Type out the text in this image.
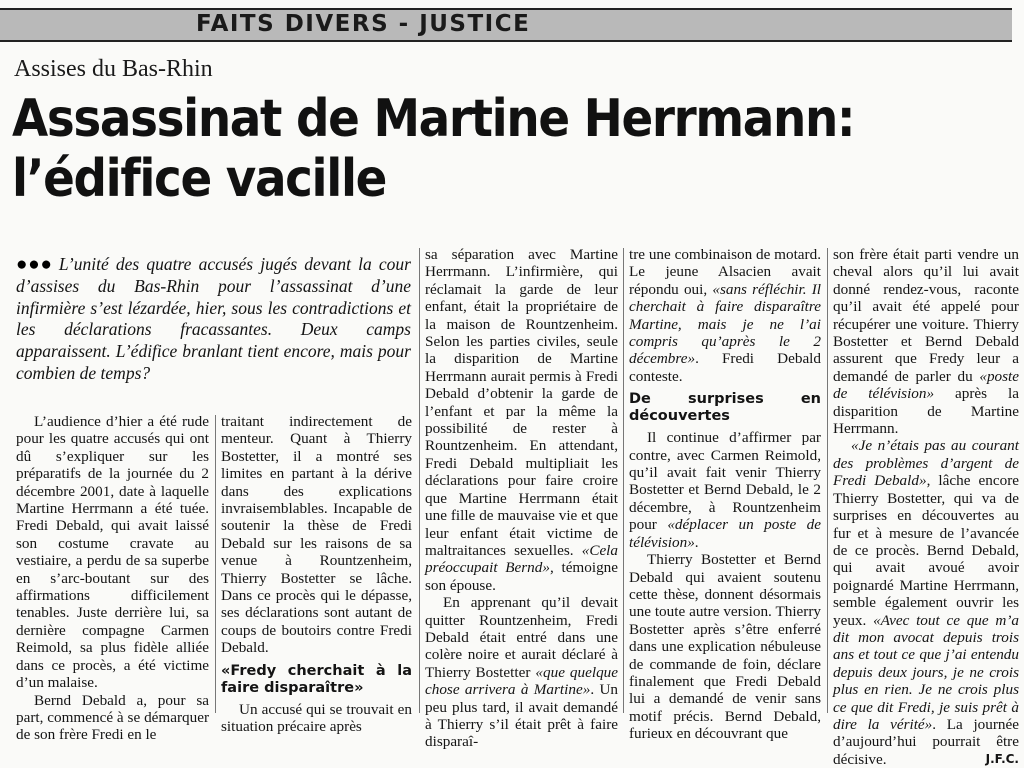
FAITS DIVERS - JUSTICE
Assises du Bas-Rhin
Assassinat de Martine Herrmann:
l’édifice vacille
●●● L’unité des quatre accusés jugés devant la cour d’assises du Bas-Rhin pour l’assassinat d’une infirmière s’est lézardée, hier, sous les contradictions et les déclarations fracassantes. Deux camps apparaissent. L’édifice branlant tient encore, mais pour combien de temps?

L’audience d’hier a été rude pour les quatre accusés qui ont dû s’expliquer sur les préparatifs de la journée du 2 décembre 2001, date à laquelle Martine Herrmann a été tuée. Fredi Debald, qui avait laissé son costume cravate au vestiaire, a perdu de sa superbe en s’arc-boutant sur des affirmations difficilement tenables. Juste derrière lui, sa dernière compagne Carmen Reimold, sa plus fidèle alliée dans ce procès, a été victime d’un malaise.

Bernd Debald a, pour sa part, commencé à se démarquer de son frère Fredi en le

traitant indirectement de menteur. Quant à Thierry Bostetter, il a montré ses limites en partant à la dérive dans des explications invraisemblables. Incapable de soutenir la thèse de Fredi Debald sur les raisons de sa venue à Rountzenheim, Thierry Bostetter se lâche. Dans ce procès qui le dépasse, ses déclarations sont autant de coups de boutoirs contre Fredi Debald.

«Fredy cherchait à la faire disparaître»

Un accusé qui se trouvait en situation précaire après

sa séparation avec Martine Herrmann. L’infirmière, qui réclamait la garde de leur enfant, était la propriétaire de la maison de Rountzenheim. Selon les parties civiles, seule la disparition de Martine Herrmann aurait permis à Fredi Debald d’obtenir la garde de l’enfant et par la même la possibilité de rester à Rountzenheim. En attendant, Fredi Debald multipliait les déclarations pour faire croire que Martine Herrmann était une fille de mauvaise vie et que leur enfant était victime de maltraitances sexuelles. «Cela préoccupait Bernd», témoigne son épouse.

En apprenant qu’il devait quitter Rountzenheim, Fredi Debald était entré dans une colère noire et aurait déclaré à Thierry Bostetter «que quelque chose arrivera à Martine». Un peu plus tard, il avait demandé à Thierry s’il était prêt à faire disparaî-

tre une combinaison de motard. Le jeune Alsacien avait répondu oui, «sans réfléchir. Il cherchait à faire disparaître Martine, mais je ne l’ai compris qu’après le 2 décembre». Fredi Debald conteste.

De surprises en découvertes

Il continue d’affirmer par contre, avec Carmen Reimold, qu’il avait fait venir Thierry Bostetter et Bernd Debald, le 2 décembre, à Rountzenheim pour «déplacer un poste de télévision».

Thierry Bostetter et Bernd Debald qui avaient soutenu cette thèse, donnent désormais une toute autre version. Thierry Bostetter après s’être enferré dans une explication nébuleuse de commande de foin, déclare finalement que Fredi Debald lui a demandé de venir sans motif précis. Bernd Debald, furieux en découvrant que

son frère était parti vendre un cheval alors qu’il lui avait donné rendez-vous, raconte qu’il avait été appelé pour récupérer une voiture. Thierry Bostetter et Bernd Debald assurent que Fredy leur a demandé de parler du «poste de télévision» après la disparition de Martine Herrmann.

«Je n’étais pas au courant des problèmes d’argent de Fredi Debald», lâche encore Thierry Bostetter, qui va de surprises en découvertes au fur et à mesure de l’avancée de ce procès. Bernd Debald, qui avait avoué avoir poignardé Martine Herrmann, semble également ouvrir les yeux. «Avec tout ce que m’a dit mon avocat depuis trois ans et tout ce que j’ai entendu depuis deux jours, je ne crois plus en rien. Je ne crois plus ce que dit Fredi, je suis prêt à dire la vérité». La journée d’aujourd’hui pourrait être décisive.	J.F.C.
